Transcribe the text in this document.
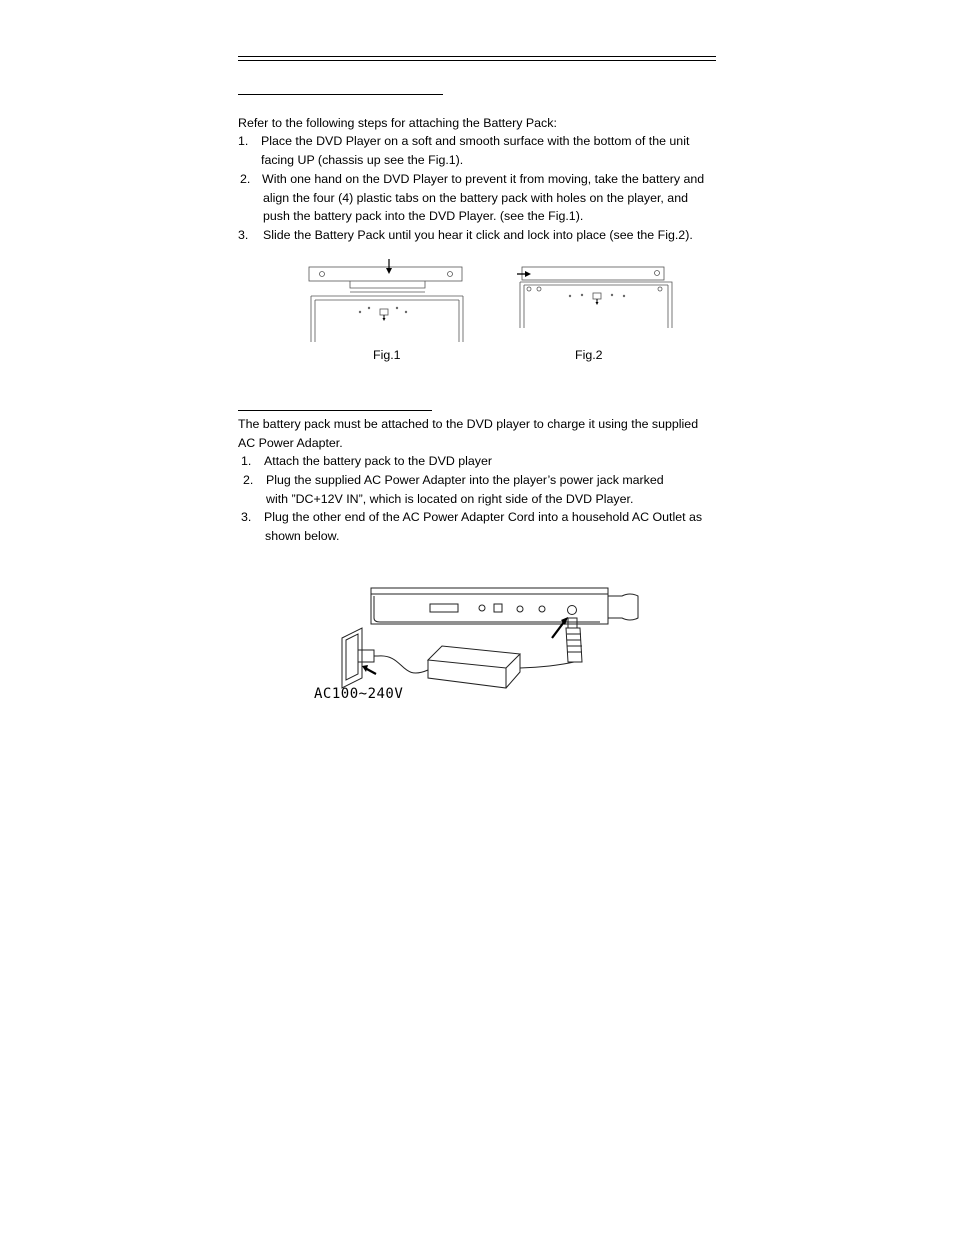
Refer to the following steps for attaching the Battery Pack:
1. Place the DVD Player on a soft and smooth surface with the bottom of the unit
facing UP (chassis up see the Fig.1).
2. With one hand on the DVD Player to prevent it from moving, take the battery and
align the four (4) plastic tabs on the battery pack with holes on the player, and
push the battery pack into the DVD Player. (see the Fig.1).
3. Slide the Battery Pack until you hear it click and lock into place (see the Fig.2).
Fig.1	Fig.2
The battery pack must be attached to the DVD player to charge it using the supplied
AC Power Adapter.
1. Attach the battery pack to the DVD player
2. Plug the supplied AC Power Adapter into the player’s power jack marked
with ”DC+12V IN”, which is located on right side of the DVD Player.
3. Plug the other end of the AC Power Adapter Cord into a household AC Outlet as
shown below.
AC100~240V
